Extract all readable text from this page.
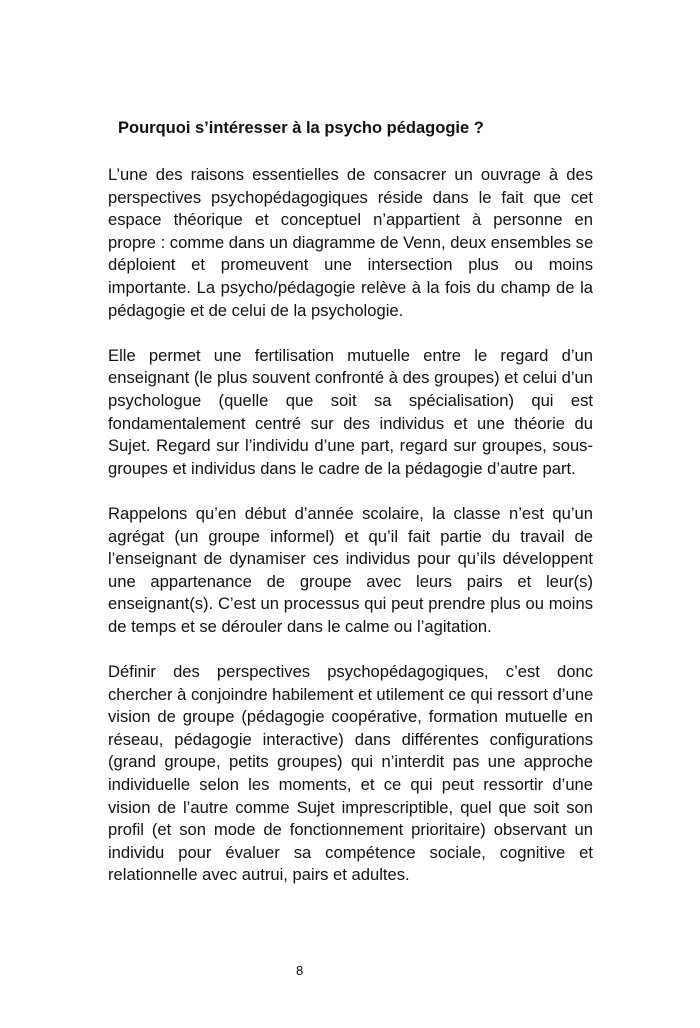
Pourquoi s’intéresser à la psycho pédagogie ?
L’une des raisons essentielles de consacrer un ouvrage à des
perspectives psychopédagogiques réside dans le fait que cet
espace théorique et conceptuel n’appartient à personne en
propre : comme dans un diagramme de Venn, deux ensembles se
déploient et promeuvent une intersection plus ou moins
importante. La psycho/pédagogie relève à la fois du champ de la
pédagogie et de celui de la psychologie.
Elle permet une fertilisation mutuelle entre le regard d’un
enseignant (le plus souvent confronté à des groupes) et celui d’un
psychologue (quelle que soit sa spécialisation) qui est
fondamentalement centré sur des individus et une théorie du
Sujet. Regard sur l’individu d’une part, regard sur groupes, sous-
groupes et individus dans le cadre de la pédagogie d’autre part.
Rappelons qu’en début d’année scolaire, la classe n’est qu’un
agrégat (un groupe informel) et qu’il fait partie du travail de
l’enseignant de dynamiser ces individus pour qu’ils développent
une appartenance de groupe avec leurs pairs et leur(s)
enseignant(s). C’est un processus qui peut prendre plus ou moins
de temps et se dérouler dans le calme ou l’agitation.
Définir des perspectives psychopédagogiques, c’est donc
chercher à conjoindre habilement et utilement ce qui ressort d’une
vision de groupe (pédagogie coopérative, formation mutuelle en
réseau, pédagogie interactive) dans différentes configurations
(grand groupe, petits groupes) qui n’interdit pas une approche
individuelle selon les moments, et ce qui peut ressortir d’une
vision de l’autre comme Sujet imprescriptible, quel que soit son
profil (et son mode de fonctionnement prioritaire) observant un
individu pour évaluer sa compétence sociale, cognitive et
relationnelle avec autrui, pairs et adultes.
8
